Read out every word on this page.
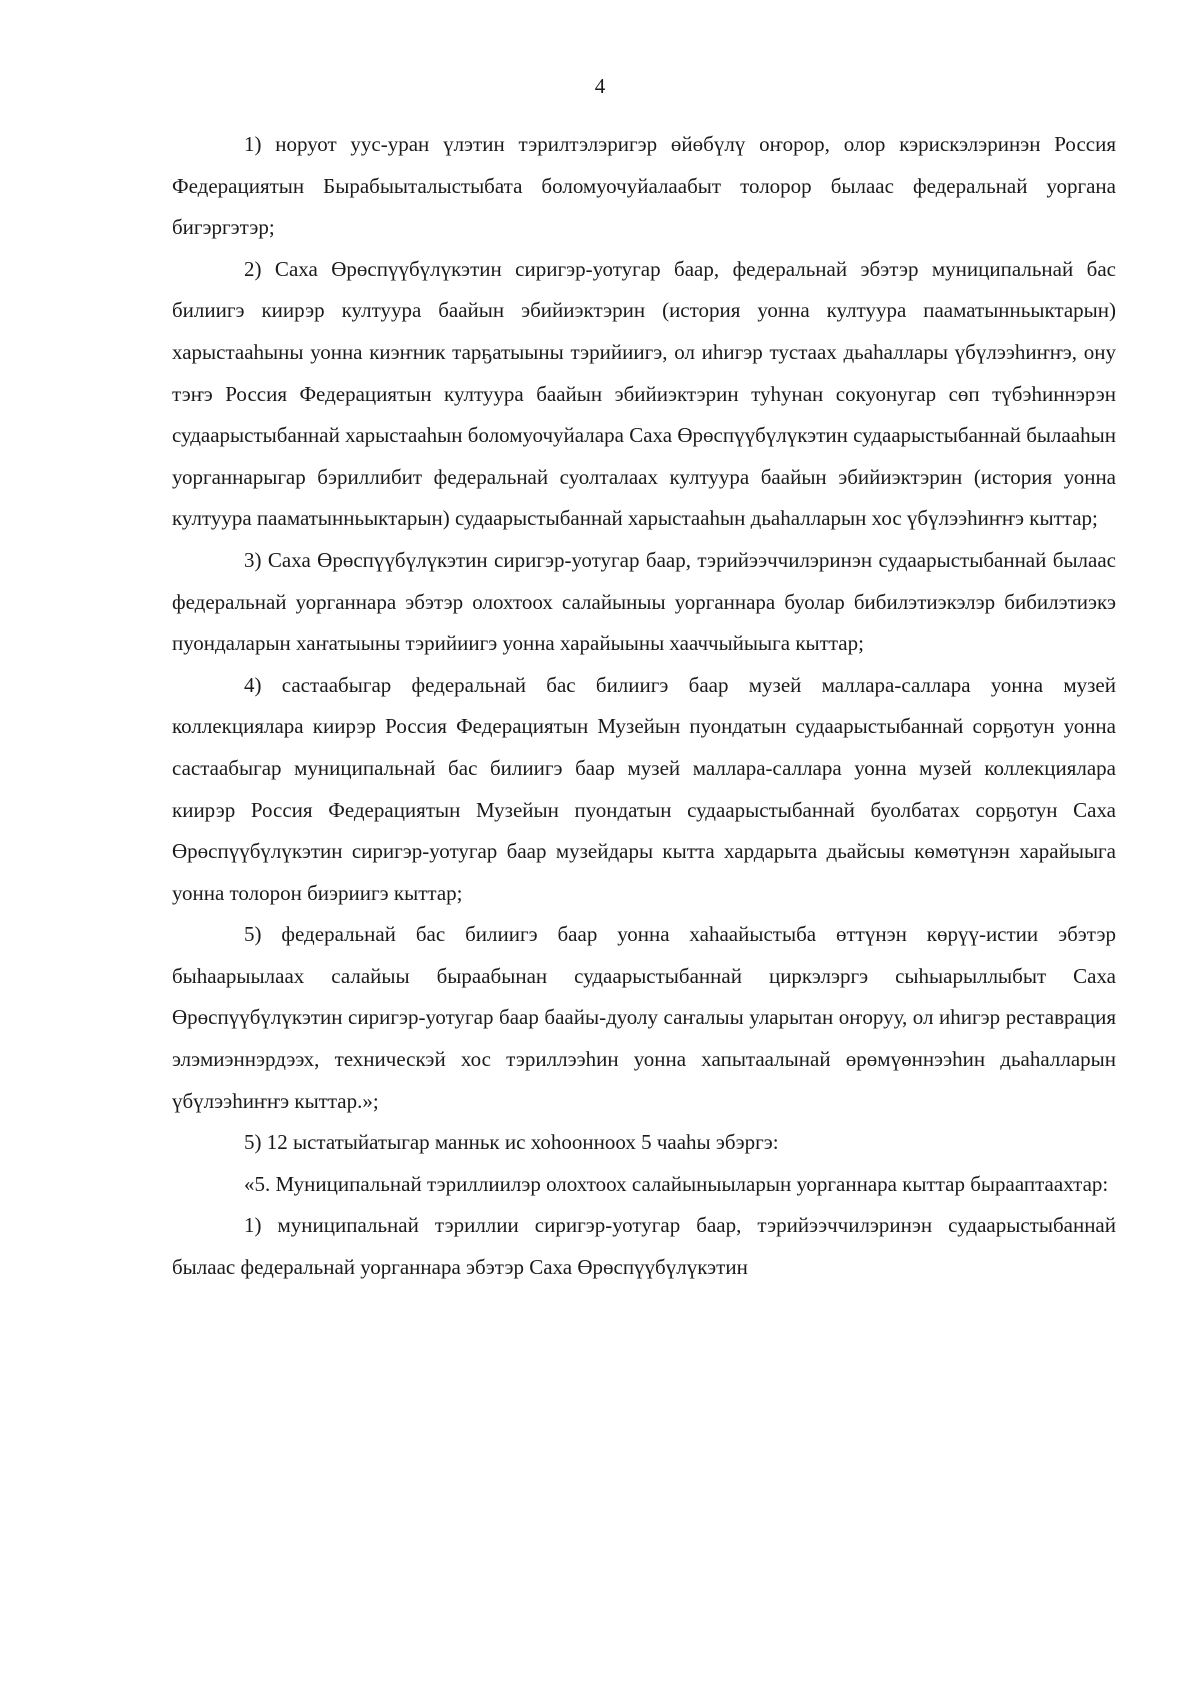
4

1) норуот уус-уран үлэтин тэрилтэлэригэр өйөбүлү оҥорор, олор кэрискэлэринэн Россия Федерациятын Бырабыыталыстыбата боломуочуйалаабыт толорор былаас федеральнай уоргана бигэргэтэр;

2) Саха Өрөспүүбүлүкэтин сиригэр-уотугар баар, федеральнай эбэтэр муниципальнай бас билиигэ киирэр култуура баайын эбийиэктэрин (история уонна култуура пааматынньыктарын) харыстааһыны уонна киэҥник тарҕатыыны тэрийиигэ, ол иһигэр тустаах дьаһаллары үбүлээһиҥҥэ, ону тэҥэ Россия Федерациятын култуура баайын эбийиэктэрин туһунан сокуонугар сөп түбэһиннэрэн судаарыстыбаннай харыстааһын боломуочуйалара Саха Өрөспүүбүлүкэтин судаарыстыбаннай былааһын уорганнарыгар бэриллибит федеральнай суолталаах култуура баайын эбийиэктэрин (история уонна култуура пааматынньыктарын) судаарыстыбаннай харыстааһын дьаһалларын хос үбүлээһиҥҥэ кыттар;

3) Саха Өрөспүүбүлүкэтин сиригэр-уотугар баар, тэрийээччилэринэн судаарыстыбаннай былаас федеральнай уорганнара эбэтэр олохтоох салайыныы уорганнара буолар бибилэтиэкэлэр бибилэтиэкэ пуондаларын хаҥатыыны тэрийиигэ уонна харайыыны хааччыйыыга кыттар;

4) састаабыгар федеральнай бас билиигэ баар музей маллара-саллара уонна музей коллекциялара киирэр Россия Федерациятын Музейын пуондатын судаарыстыбаннай сорҕотун уонна састаабыгар муниципальнай бас билиигэ баар музей маллара-саллара уонна музей коллекциялара киирэр Россия Федерациятын Музейын пуондатын судаарыстыбаннай буолбатах сорҕотун Саха Өрөспүүбүлүкэтин сиригэр-уотугар баар музейдары кытта хардарыта дьайсыы көмөтүнэн харайыыга уонна толорон биэриигэ кыттар;

5) федеральнай бас билиигэ баар уонна хаһаайыстыба өттүнэн көрүү-истии эбэтэр быһаарыылаах салайыы быраабынан судаарыстыбаннай циркэлэргэ сыһыарыллыбыт Саха Өрөспүүбүлүкэтин сиригэр-уотугар баар баайы-дуолу саҥалыы уларытан оҥоруу, ол иһигэр реставрация элэмиэннэрдээх, техническэй хос тэриллээһин уонна хапытаалынай өрөмүөннээһин дьаһалларын үбүлээһиҥҥэ кыттар.»;

5) 12 ыстатыйатыгар манньк ис хоһоонноох 5 чааһы эбэргэ:

«5. Муниципальнай тэриллиилэр олохтоох салайыныыларын уорганнара кыттар бырааптаахтар:

1) муниципальнай тэриллии сиригэр-уотугар баар, тэрийээччилэринэн судаарыстыбаннай былаас федеральнай уорганнара эбэтэр Саха Өрөспүүбүлүкэтин
